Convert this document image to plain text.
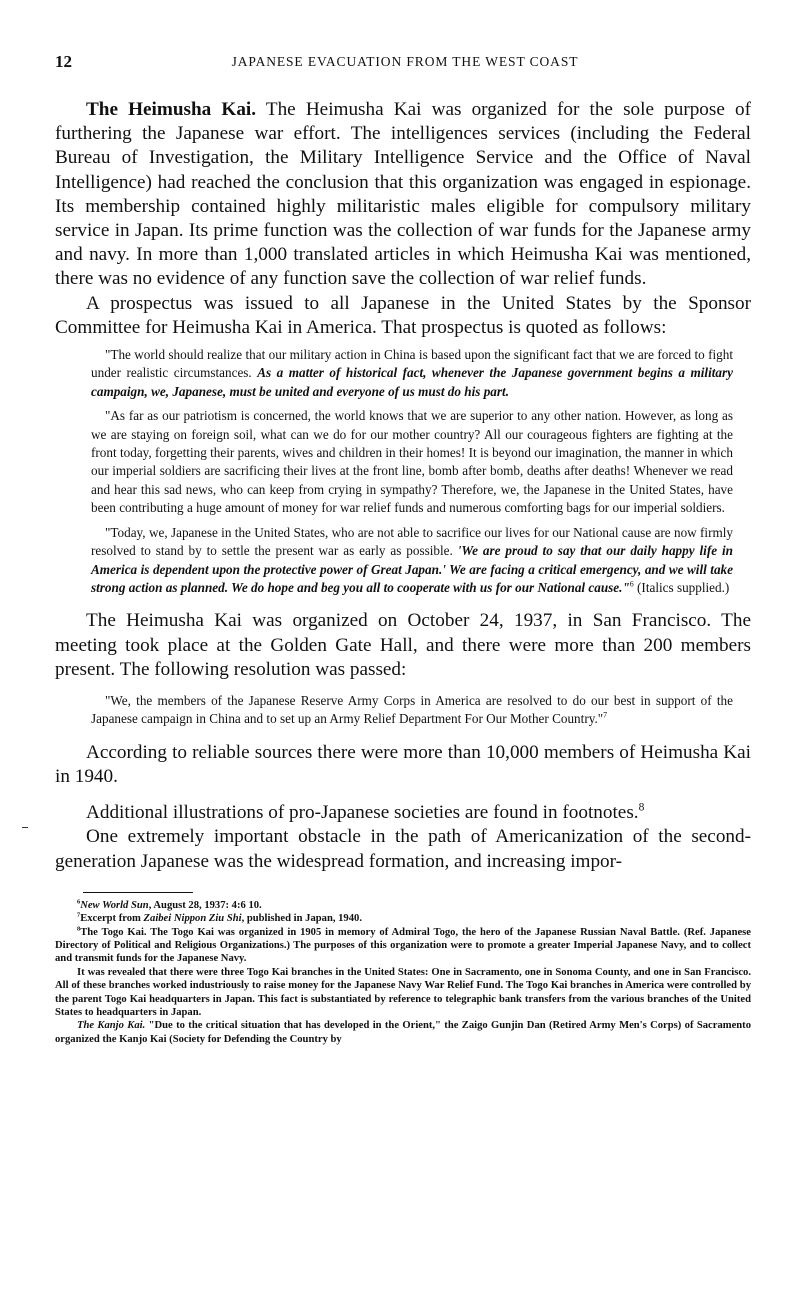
12	JAPANESE EVACUATION FROM THE WEST COAST

The Heimusha Kai. The Heimusha Kai was organized for the sole purpose of furthering the Japanese war effort. The intelligences services (including the Federal Bureau of Investigation, the Military Intelligence Service and the Office of Naval Intelligence) had reached the conclusion that this organization was engaged in espionage. Its membership contained highly militaristic males eligible for compulsory military service in Japan. Its prime function was the collection of war funds for the Japanese army and navy. In more than 1,000 translated articles in which Heimusha Kai was mentioned, there was no evidence of any function save the collection of war relief funds.

A prospectus was issued to all Japanese in the United States by the Sponsor Committee for Heimusha Kai in America. That prospectus is quoted as follows:

"The world should realize that our military action in China is based upon the significant fact that we are forced to fight under realistic circumstances. As a matter of historical fact, whenever the Japanese government begins a military campaign, we, Japanese, must be united and everyone of us must do his part.

"As far as our patriotism is concerned, the world knows that we are superior to any other nation. However, as long as we are staying on foreign soil, what can we do for our mother country? All our courageous fighters are fighting at the front today, forgetting their parents, wives and children in their homes! It is beyond our imagination, the manner in which our imperial soldiers are sacrificing their lives at the front line, bomb after bomb, deaths after deaths! Whenever we read and hear this sad news, who can keep from crying in sympathy? Therefore, we, the Japanese in the United States, have been contributing a huge amount of money for war relief funds and numerous comforting bags for our imperial soldiers.

"Today, we, Japanese in the United States, who are not able to sacrifice our lives for our National cause are now firmly resolved to stand by to settle the present war as early as possible. 'We are proud to say that our daily happy life in America is dependent upon the protective power of Great Japan.' We are facing a critical emergency, and we will take strong action as planned. We do hope and beg you all to cooperate with us for our National cause."$^6$ (Italics supplied.)

The Heimusha Kai was organized on October 24, 1937, in San Francisco. The meeting took place at the Golden Gate Hall, and there were more than 200 members present. The following resolution was passed:

"We, the members of the Japanese Reserve Army Corps in America are resolved to do our best in support of the Japanese campaign in China and to set up an Army Relief Department For Our Mother Country."$^7$

According to reliable sources there were more than 10,000 members of Heimusha Kai in 1940.

Additional illustrations of pro-Japanese societies are found in footnotes.$^8$

One extremely important obstacle in the path of Americanization of the second-generation Japanese was the widespread formation, and increasing impor-

$^6$New World Sun, August 28, 1937: 4:6 10.

$^7$Excerpt from Zaibei Nippon Ziu Shi, published in Japan, 1940.

$^8$The Togo Kai. The Togo Kai was organized in 1905 in memory of Admiral Togo, the hero of the Japanese Russian Naval Battle. (Ref. Japanese Directory of Political and Religious Organizations.) The purposes of this organization were to promote a greater Imperial Japanese Navy, and to collect and transmit funds for the Japanese Navy.

It was revealed that there were three Togo Kai branches in the United States: One in Sacramento, one in Sonoma County, and one in San Francisco. All of these branches worked industriously to raise money for the Japanese Navy War Relief Fund. The Togo Kai branches in America were controlled by the parent Togo Kai headquarters in Japan. This fact is substantiated by reference to telegraphic bank transfers from the various branches of the United States to headquarters in Japan.

The Kanjo Kai. "Due to the critical situation that has developed in the Orient," the Zaigo Gunjin Dan (Retired Army Men's Corps) of Sacramento organized the Kanjo Kai (Society for Defending the Country by
